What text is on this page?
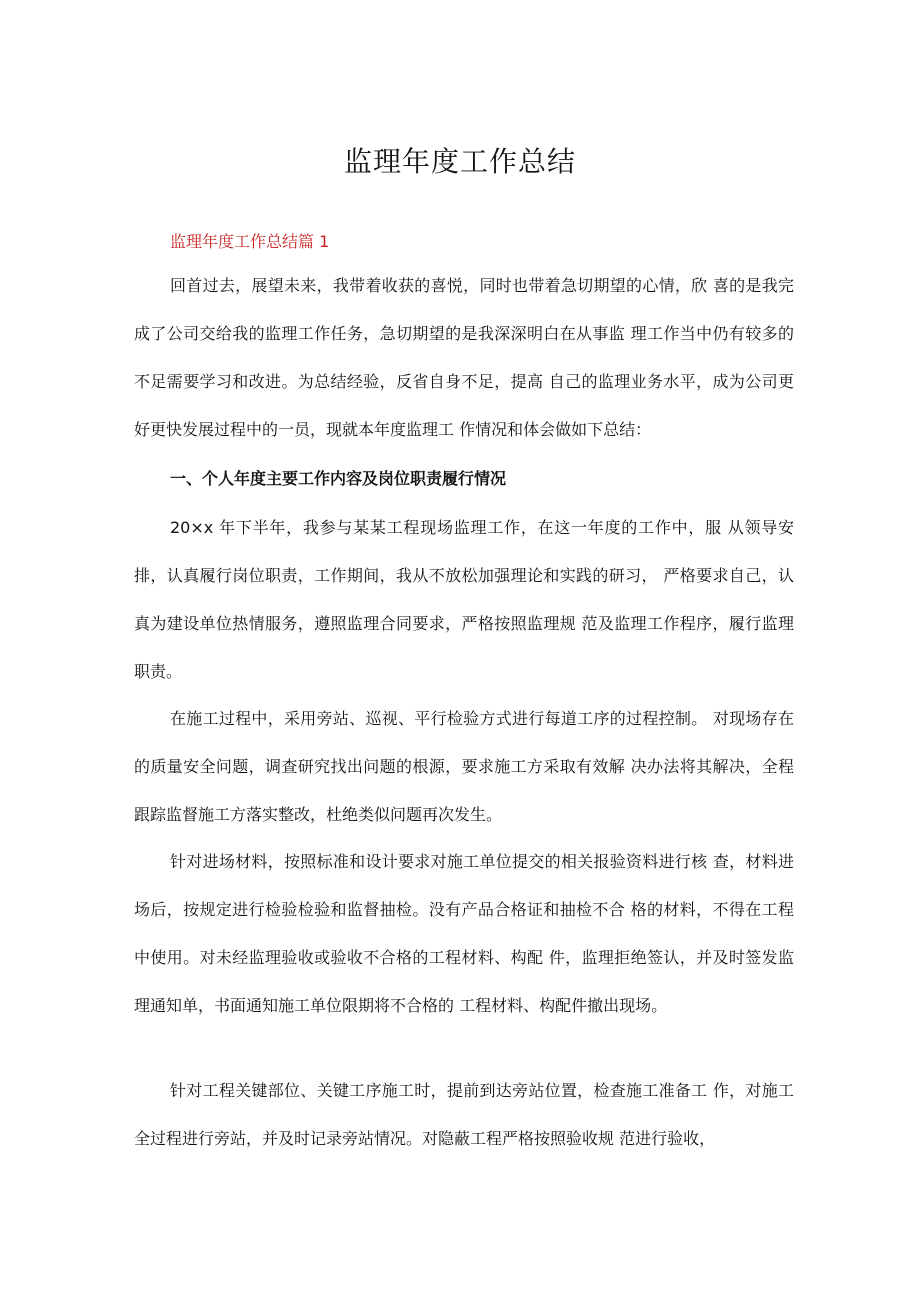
监理年度工作总结

监理年度工作总结篇 1

回首过去，展望未来，我带着收获的喜悦，同时也带着急切期望的心情，欣 喜的是我完成了公司交给我的监理工作任务，急切期望的是我深深明白在从事监 理工作当中仍有较多的不足需要学习和改进。为总结经验，反省自身不足，提高 自己的监理业务水平，成为公司更好更快发展过程中的一员，现就本年度监理工 作情况和体会做如下总结：

一、个人年度主要工作内容及岗位职责履行情况

20×x 年下半年，我参与某某工程现场监理工作，在这一年度的工作中，服 从领导安排，认真履行岗位职责，工作期间，我从不放松加强理论和实践的研习， 严格要求自己，认真为建设单位热情服务，遵照监理合同要求，严格按照监理规 范及监理工作程序，履行监理职责。

在施工过程中，采用旁站、巡视、平行检验方式进行每道工序的过程控制。 对现场存在的质量安全问题，调查研究找出问题的根源，要求施工方采取有效解 决办法将其解决，全程跟踪监督施工方落实整改，杜绝类似问题再次发生。

针对进场材料，按照标准和设计要求对施工单位提交的相关报验资料进行核 查，材料进场后，按规定进行检验检验和监督抽检。没有产品合格证和抽检不合 格的材料，不得在工程中使用。对未经监理验收或验收不合格的工程材料、构配 件，监理拒绝签认，并及时签发监理通知单，书面通知施工单位限期将不合格的 工程材料、构配件撤出现场。

针对工程关键部位、关键工序施工时，提前到达旁站位置，检查施工准备工 作，对施工全过程进行旁站，并及时记录旁站情况。对隐蔽工程严格按照验收规 范进行验收，
